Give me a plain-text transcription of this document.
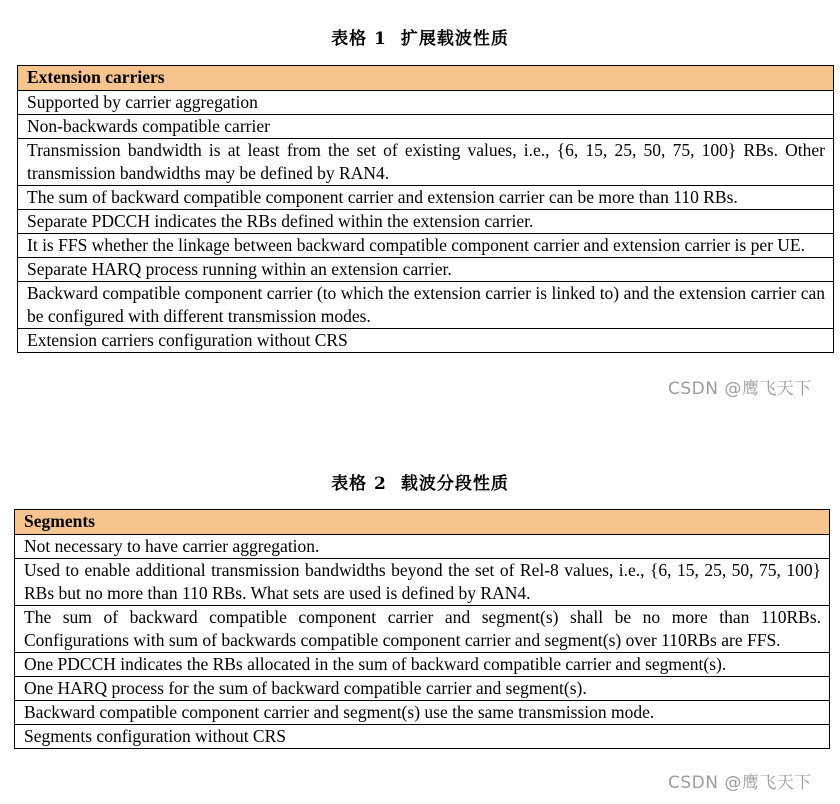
表格 1 扩展载波性质
Extension carriers
Supported by carrier aggregation
Non-backwards compatible carrier
Transmission bandwidth is at least from the set of existing values, i.e., {6, 15, 25, 50, 75, 100} RBs. Other transmission bandwidths may be defined by RAN4.
The sum of backward compatible component carrier and extension carrier can be more than 110 RBs.
Separate PDCCH indicates the RBs defined within the extension carrier.
It is FFS whether the linkage between backward compatible component carrier and extension carrier is per UE.
Separate HARQ process running within an extension carrier.
Backward compatible component carrier (to which the extension carrier is linked to) and the extension carrier can be configured with different transmission modes.
Extension carriers configuration without CRS
CSDN @鹰飞天下
表格 2 载波分段性质
Segments
Not necessary to have carrier aggregation.
Used to enable additional transmission bandwidths beyond the set of Rel-8 values, i.e., {6, 15, 25, 50, 75, 100} RBs but no more than 110 RBs. What sets are used is defined by RAN4.
The sum of backward compatible component carrier and segment(s) shall be no more than 110RBs. Configurations with sum of backwards compatible component carrier and segment(s) over 110RBs are FFS.
One PDCCH indicates the RBs allocated in the sum of backward compatible carrier and segment(s).
One HARQ process for the sum of backward compatible carrier and segment(s).
Backward compatible component carrier and segment(s) use the same transmission mode.
Segments configuration without CRS
CSDN @鹰飞天下
